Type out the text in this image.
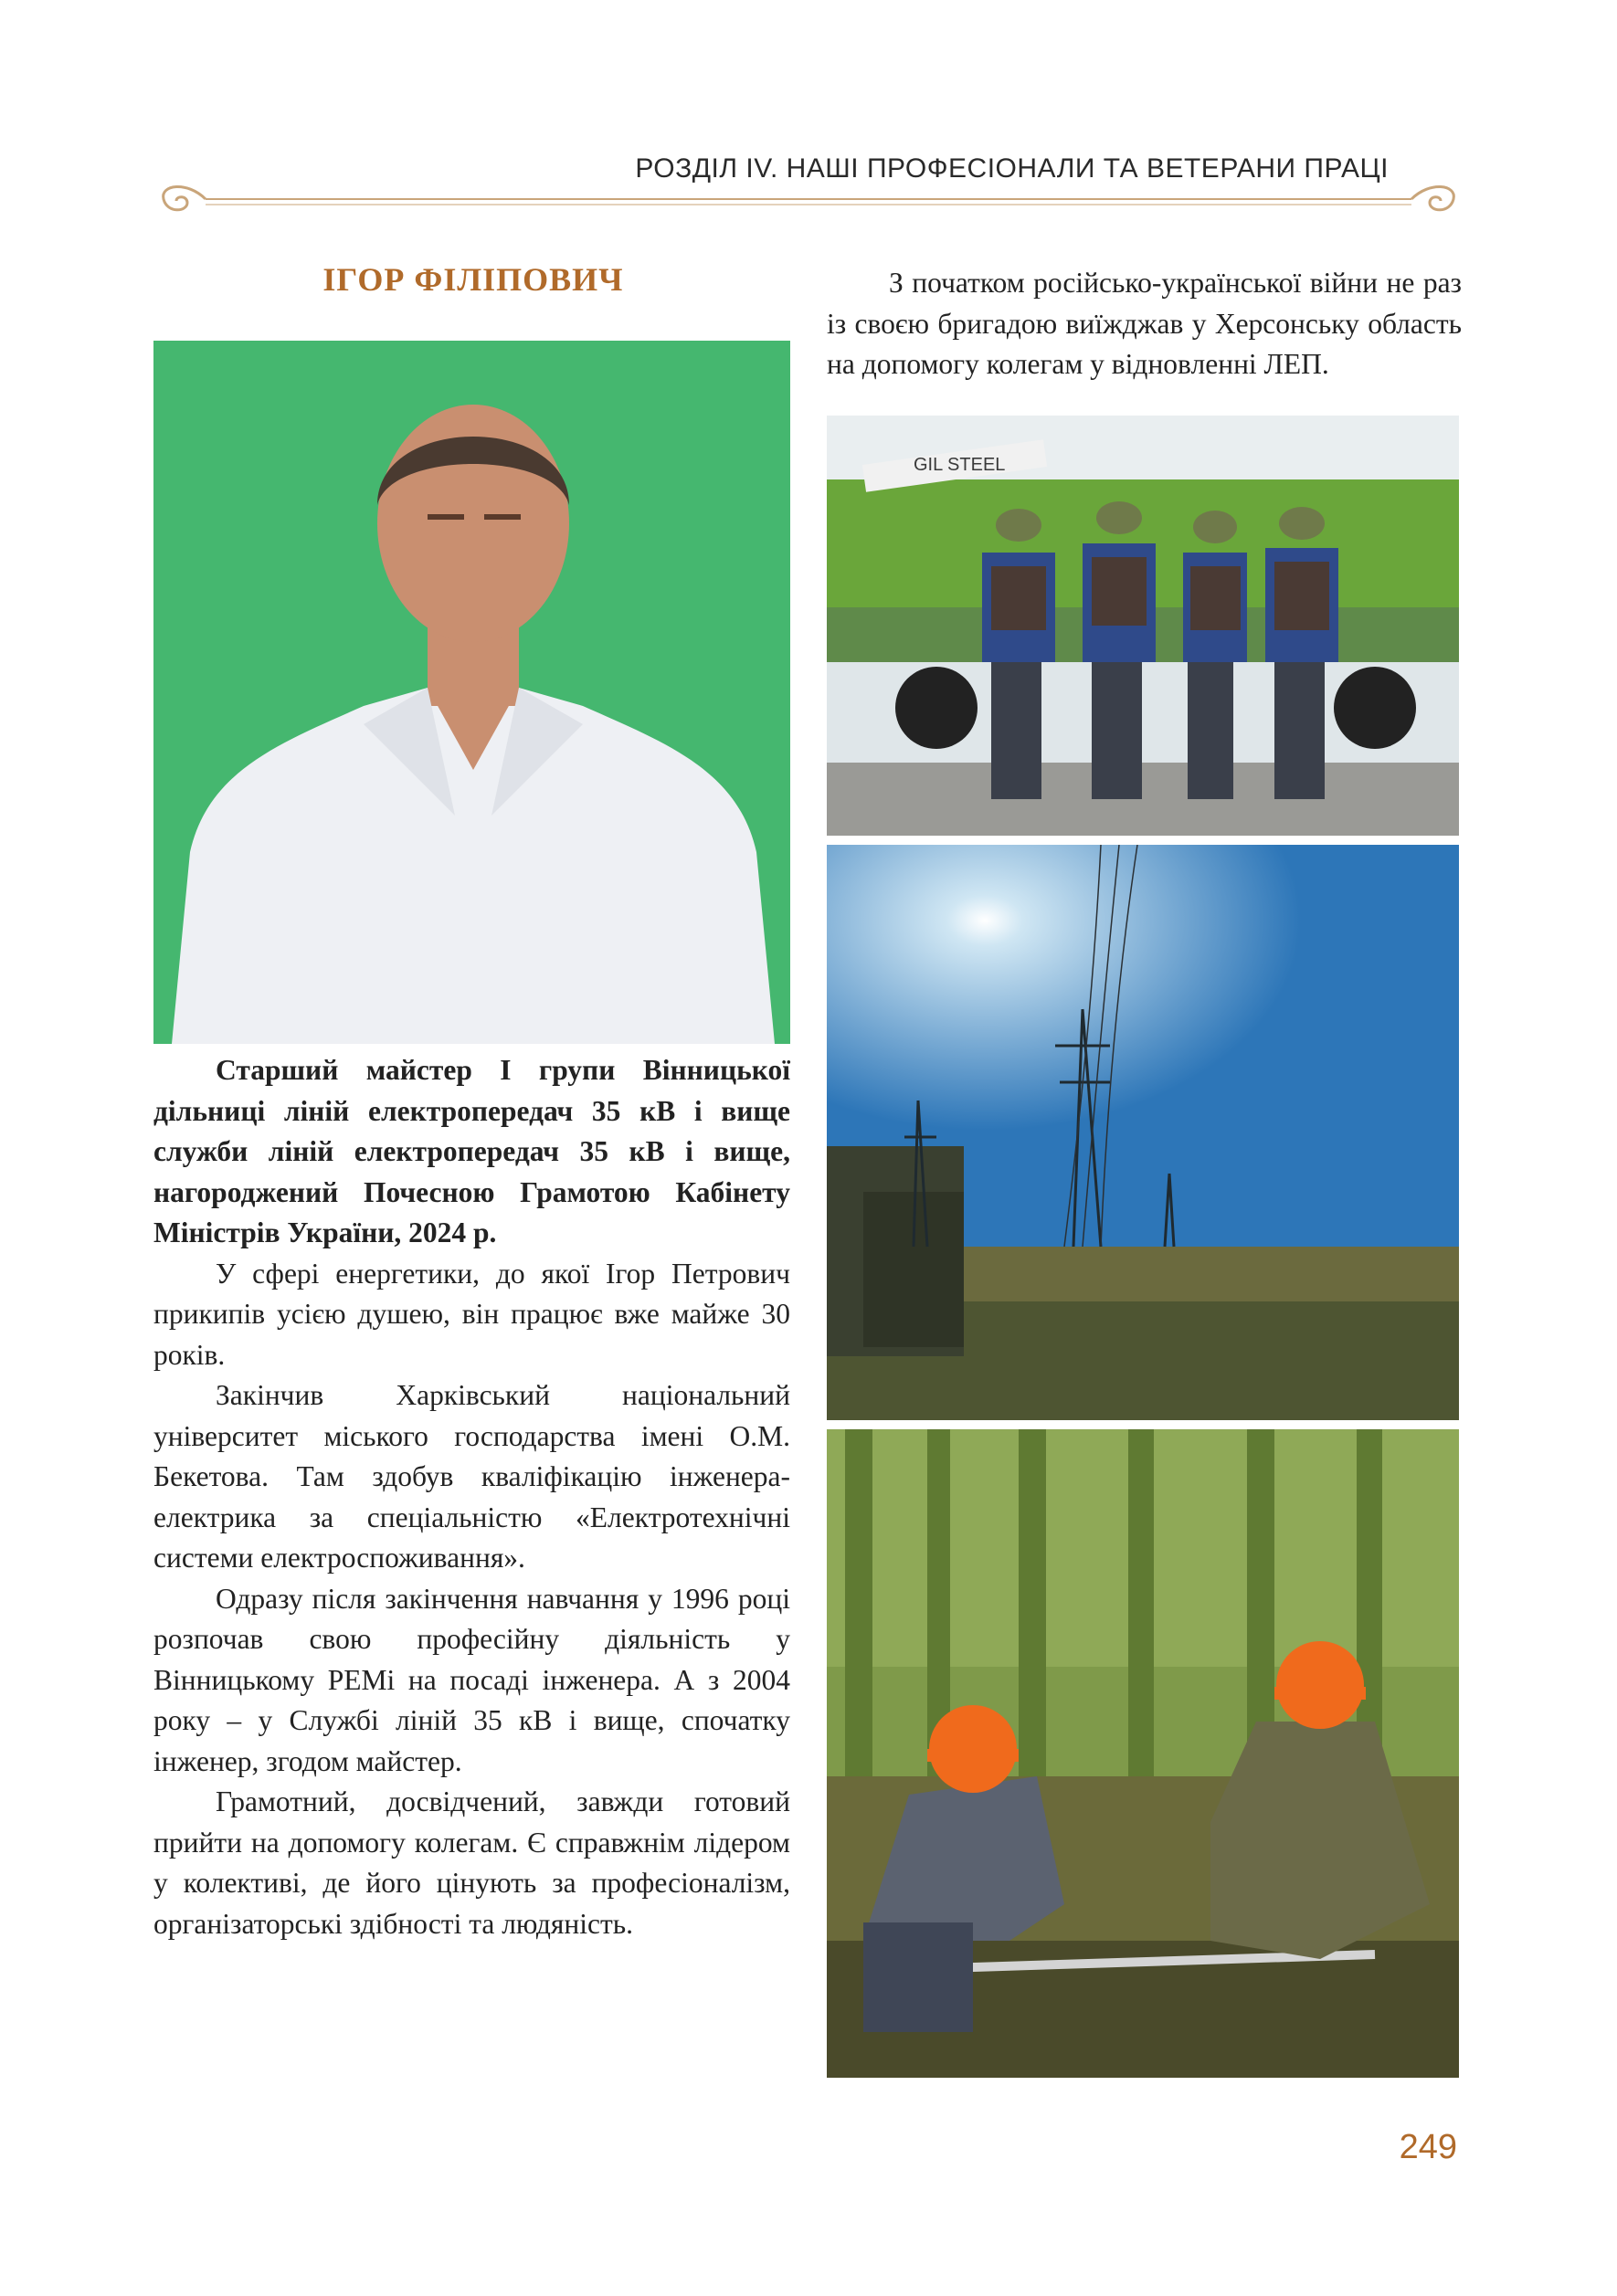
РОЗДІЛ IV. НАШІ ПРОФЕСІОНАЛИ ТА ВЕТЕРАНИ ПРАЦІ
ІГОР ФІЛІПОВИЧ

Старший майстер І групи Вінницької дільниці ліній електропередач 35 кВ і вище служби ліній електропередач 35 кВ і вище, нагороджений Почесною Грамотою Кабінету Міністрів України, 2024 р.

У сфері енергетики, до якої Ігор Петрович прикипів усією душею, він працює вже майже 30 років.

Закінчив Харківський національний університет міського господарства імені О.М. Бекетова. Там здобув кваліфікацію інженера-електрика за спеціальністю «Електротехнічні системи електроспоживання».

Одразу після закінчення навчання у 1996 році розпочав свою професійну діяльність у Вінницькому РЕМі на посаді інженера. А з 2004 року – у Службі ліній 35 кВ і вище, спочатку інженер, згодом майстер.

Грамотний, досвідчений, завжди готовий прийти на допомогу колегам. Є справжнім лідером у колективі, де його цінують за професіоналізм, організаторські здібності та людяність.

З початком російсько-української війни не раз із своєю бригадою виїжджав у Херсонську область на допомогу колегам у відновленні ЛЕП.

GIL STEEL
249
